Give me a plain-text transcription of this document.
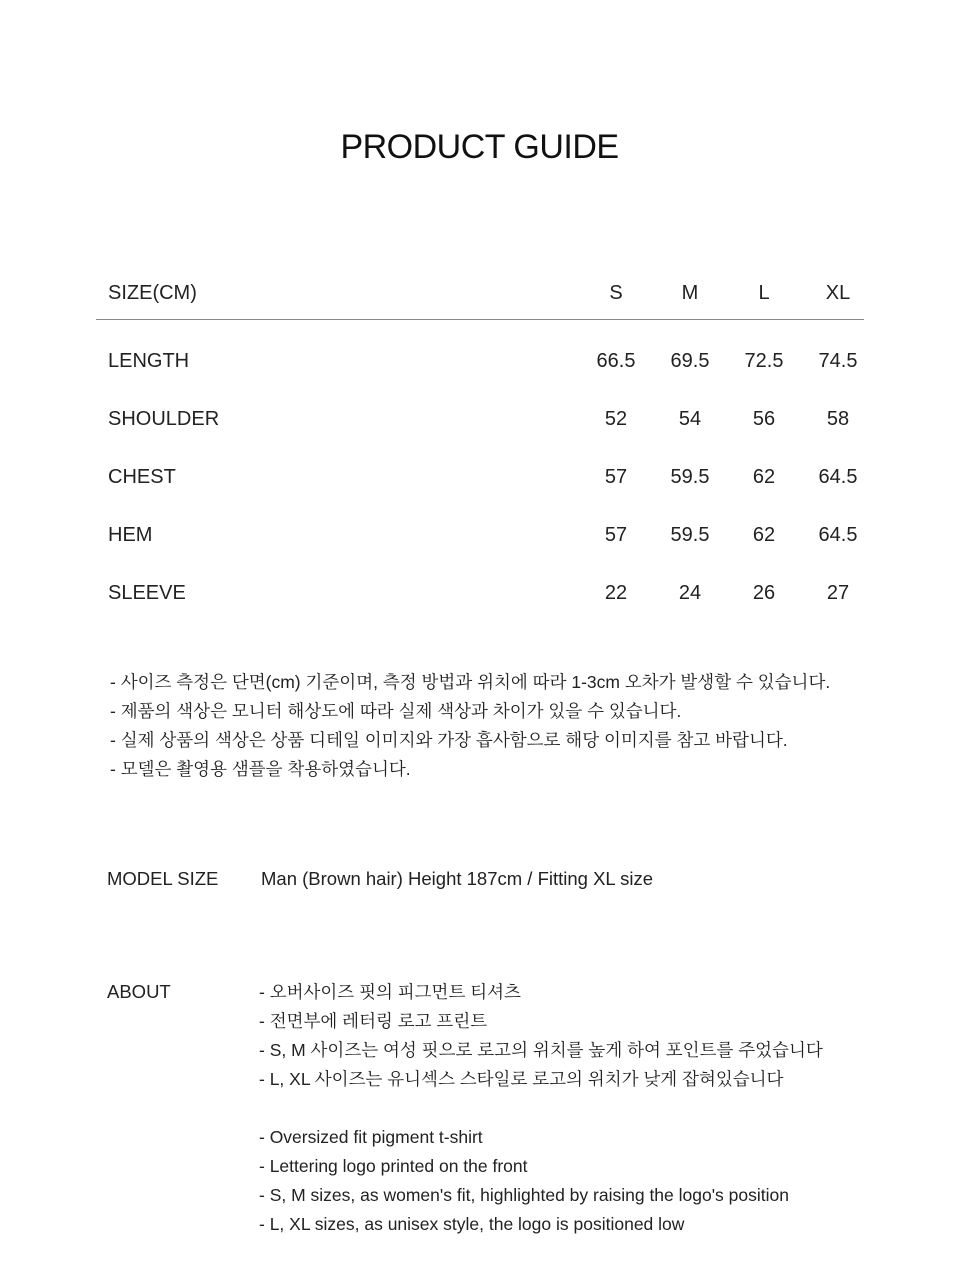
PRODUCT GUIDE
SIZE(CM)	S	M	L	XL
LENGTH	66.5	69.5	72.5	74.5
SHOULDER	52	54	56	58
CHEST	57	59.5	62	64.5
HEM	57	59.5	62	64.5
SLEEVE	22	24	26	27
- 사이즈 측정은 단면(cm) 기준이며, 측정 방법과 위치에 따라 1-3cm 오차가 발생할 수 있습니다.
- 제품의 색상은 모니터 해상도에 따라 실제 색상과 차이가 있을 수 있습니다.
- 실제 상품의 색상은 상품 디테일 이미지와 가장 흡사함으로 해당 이미지를 참고 바랍니다.
- 모델은 촬영용 샘플을 착용하였습니다.
MODEL SIZE Man (Brown hair) Height 187cm / Fitting XL size
ABOUT	- 오버사이즈 핏의 피그먼트 티셔츠
- 전면부에 레터링 로고 프린트
- S, M 사이즈는 여성 핏으로 로고의 위치를 높게 하여 포인트를 주었습니다
- L, XL 사이즈는 유니섹스 스타일로 로고의 위치가 낮게 잡혀있습니다
- Oversized fit pigment t-shirt
- Lettering logo printed on the front
- S, M sizes, as women's fit, highlighted by raising the logo's position
- L, XL sizes, as unisex style, the logo is positioned low
